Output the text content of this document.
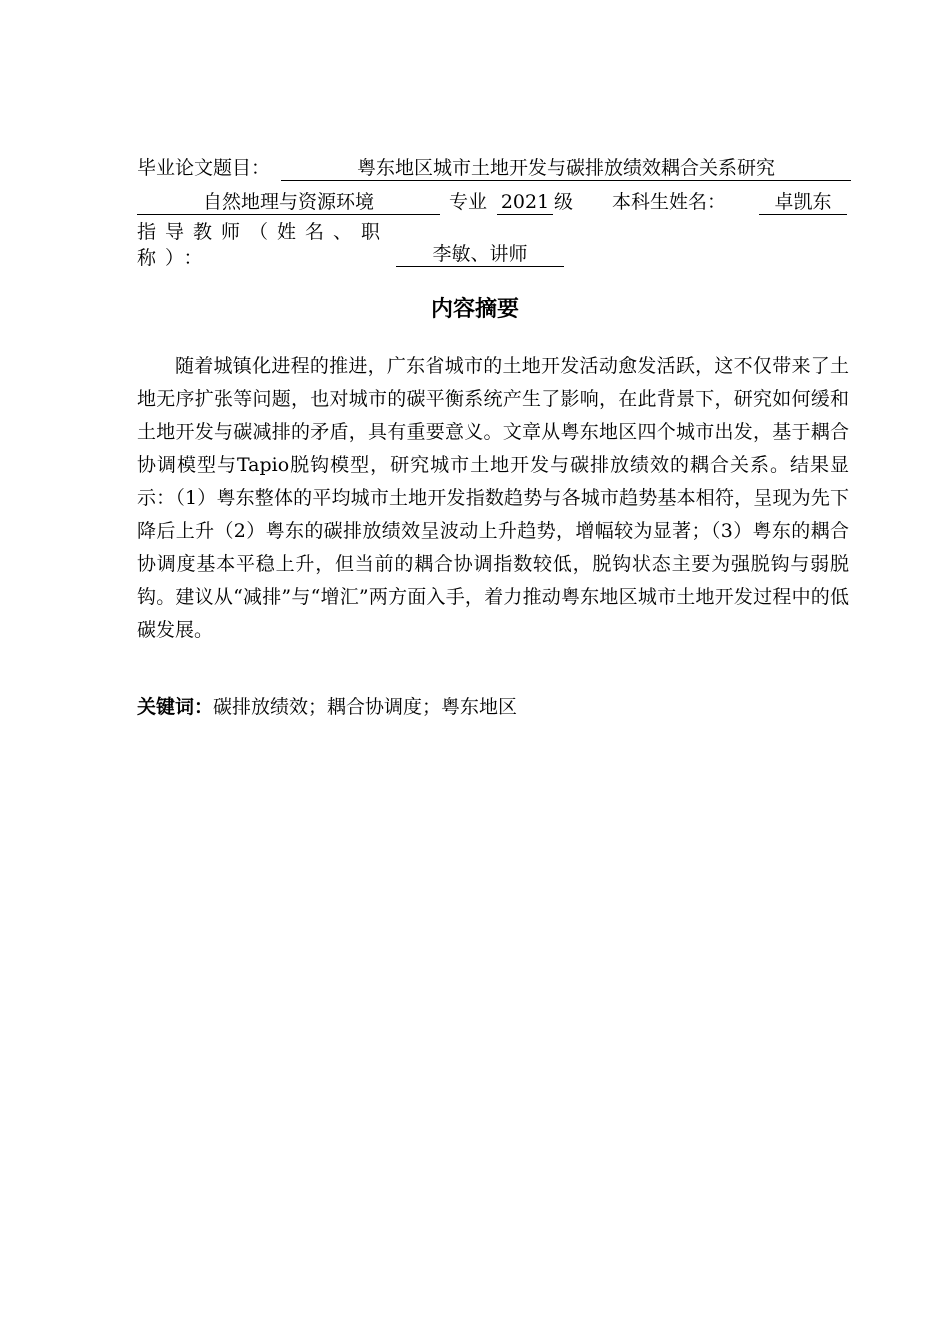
毕业论文题目：	粤东地区城市土地开发与碳排放绩效耦合关系研究
自然地理与资源环境	专业 2021 级 本科生姓名：	卓凯东
指导教师（姓名、职称）：	李敏、讲师
内容摘要

随着城镇化进程的推进，广东省城市的土地开发活动愈发活跃，这不仅带来了土地无序扩张等问题，也对城市的碳平衡系统产生了影响，在此背景下，研究如何缓和土地开发与碳减排的矛盾，具有重要意义。文章从粤东地区四个城市出发，基于耦合协调模型与Tapio脱钩模型，研究城市土地开发与碳排放绩效的耦合关系。结果显示：（1）粤东整体的平均城市土地开发指数趋势与各城市趋势基本相符，呈现为先下降后上升（2）粤东的碳排放绩效呈波动上升趋势，增幅较为显著；（3）粤东的耦合协调度基本平稳上升，但当前的耦合协调指数较低，脱钩状态主要为强脱钩与弱脱钩。建议从“减排”与“增汇”两方面入手，着力推动粤东地区城市土地开发过程中的低碳发展。

关键词：碳排放绩效；耦合协调度；粤东地区
